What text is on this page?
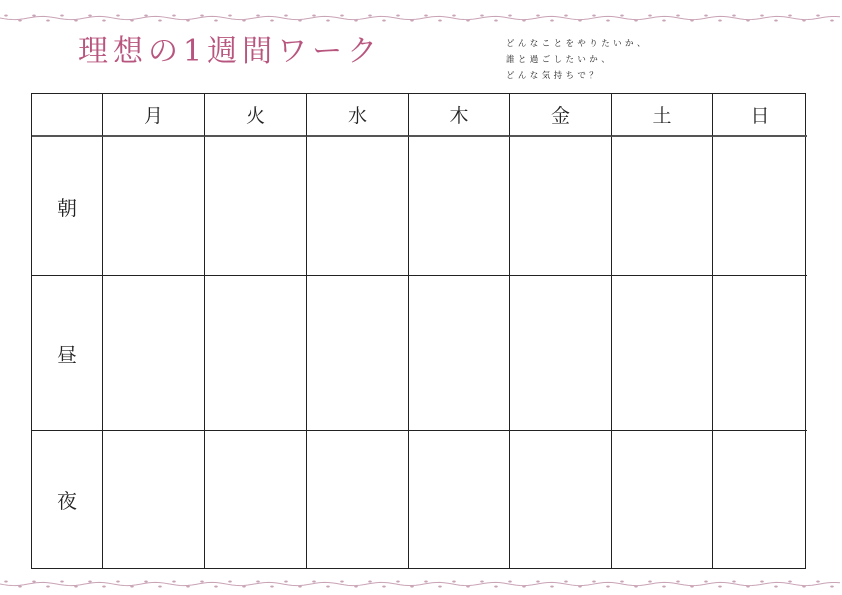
理想の1週間ワーク	どんなことをやりたいか、
誰と過ごしたいか、
どんな気持ちで？
月	火	水	木	金	土	日
朝
昼
夜
